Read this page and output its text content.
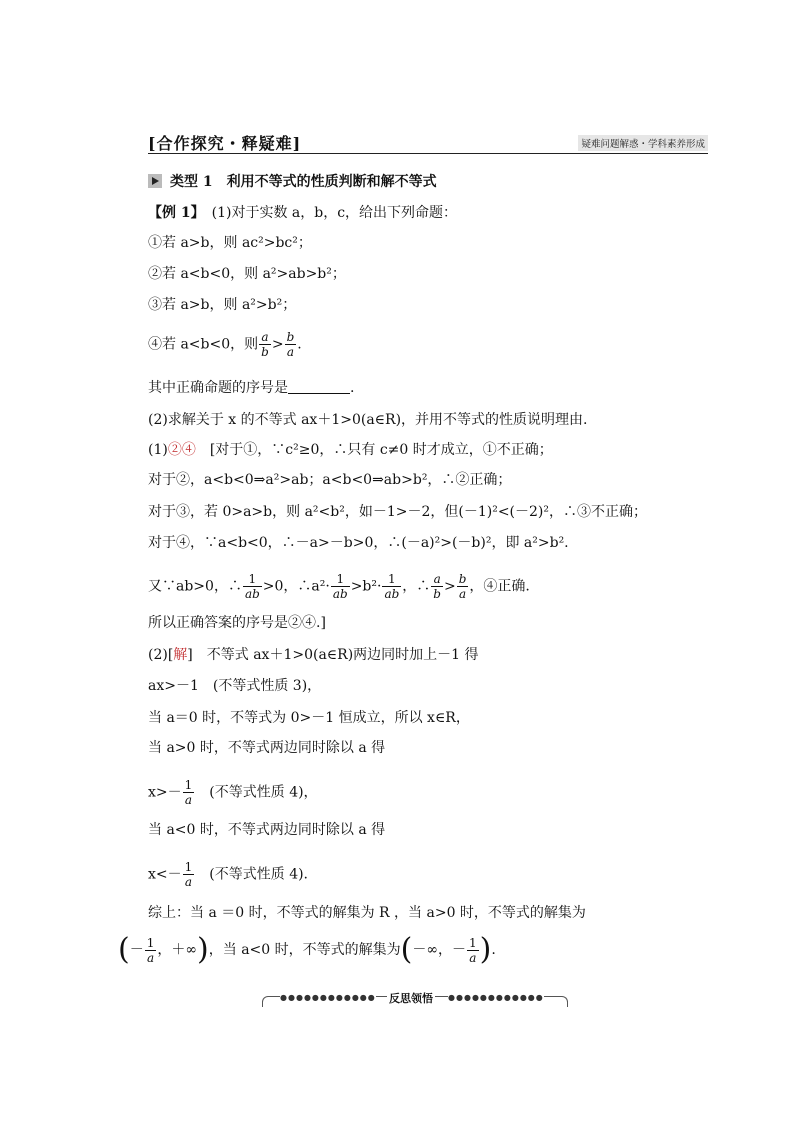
[合作探究・释疑难]	疑难问题解惑・学科素养形成
类型 1　利用不等式的性质判断和解不等式
【例 1】　 (1)对于实数 a，b，c，给出下列命题：
①若 a>b，则 ac²>bc²；
②若 a<b<0，则 a²>ab>b²；
③若 a>b，则 a²>b²；
④若 a<b<0，则 $\frac{a}{b} > \frac{b}{a}$ .
其中正确命题的序号是	.
(2)求解关于 x 的不等式 ax＋1>0(a∈R)，并用不等式的性质说明理由.
(1)②④　 [对于①，∵c²≥0，∴只有 c≠0 时才成立，①不正确；
对于②，a<b<0⇒a²>ab；a<b<0⇒ab>b²，∴②正确；
对于③，若 0>a>b，则 a²<b²，如－1>－2，但(－1)²<(－2)²，∴③不正确；
对于④，∵a<b<0，∴－a>－b>0，∴(－a)²>(－b)²，即 a²>b².
又∵ab>0，∴ $\frac{1}{ab} >0$，∴a²· $\frac{1}{ab} >b^2\cdot \frac{1}{ab}$ ，∴ $\frac{a}{b} > \frac{b}{a}$ ，④正确.
所以正确答案的序号是②④.]
(2)[解]　不等式 ax＋1>0(a∈R)两边同时加上－1 得
ax>－1　(不等式性质 3)，
当 a＝0 时，不等式为 0>－1 恒成立，所以 x∈R，
当 a>0 时，不等式两边同时除以 a 得
$x>- \frac{1}{a}$ 　(不等式性质 4)，
当 a<0 时，不等式两边同时除以 a 得
$x<- \frac{1}{a}$ 　(不等式性质 4).
综上：当 a ＝0 时，不等式的解集为 R ，当 a>0 时，不等式的解集为
(－ $\frac{1}{a}$ ，＋∞)，当 a<0 时，不等式的解集为(－∞，－ $\frac{1}{a}$ ).
●●●●●●●●●●●● 反思领悟 ●●●●●●●●●●●●
